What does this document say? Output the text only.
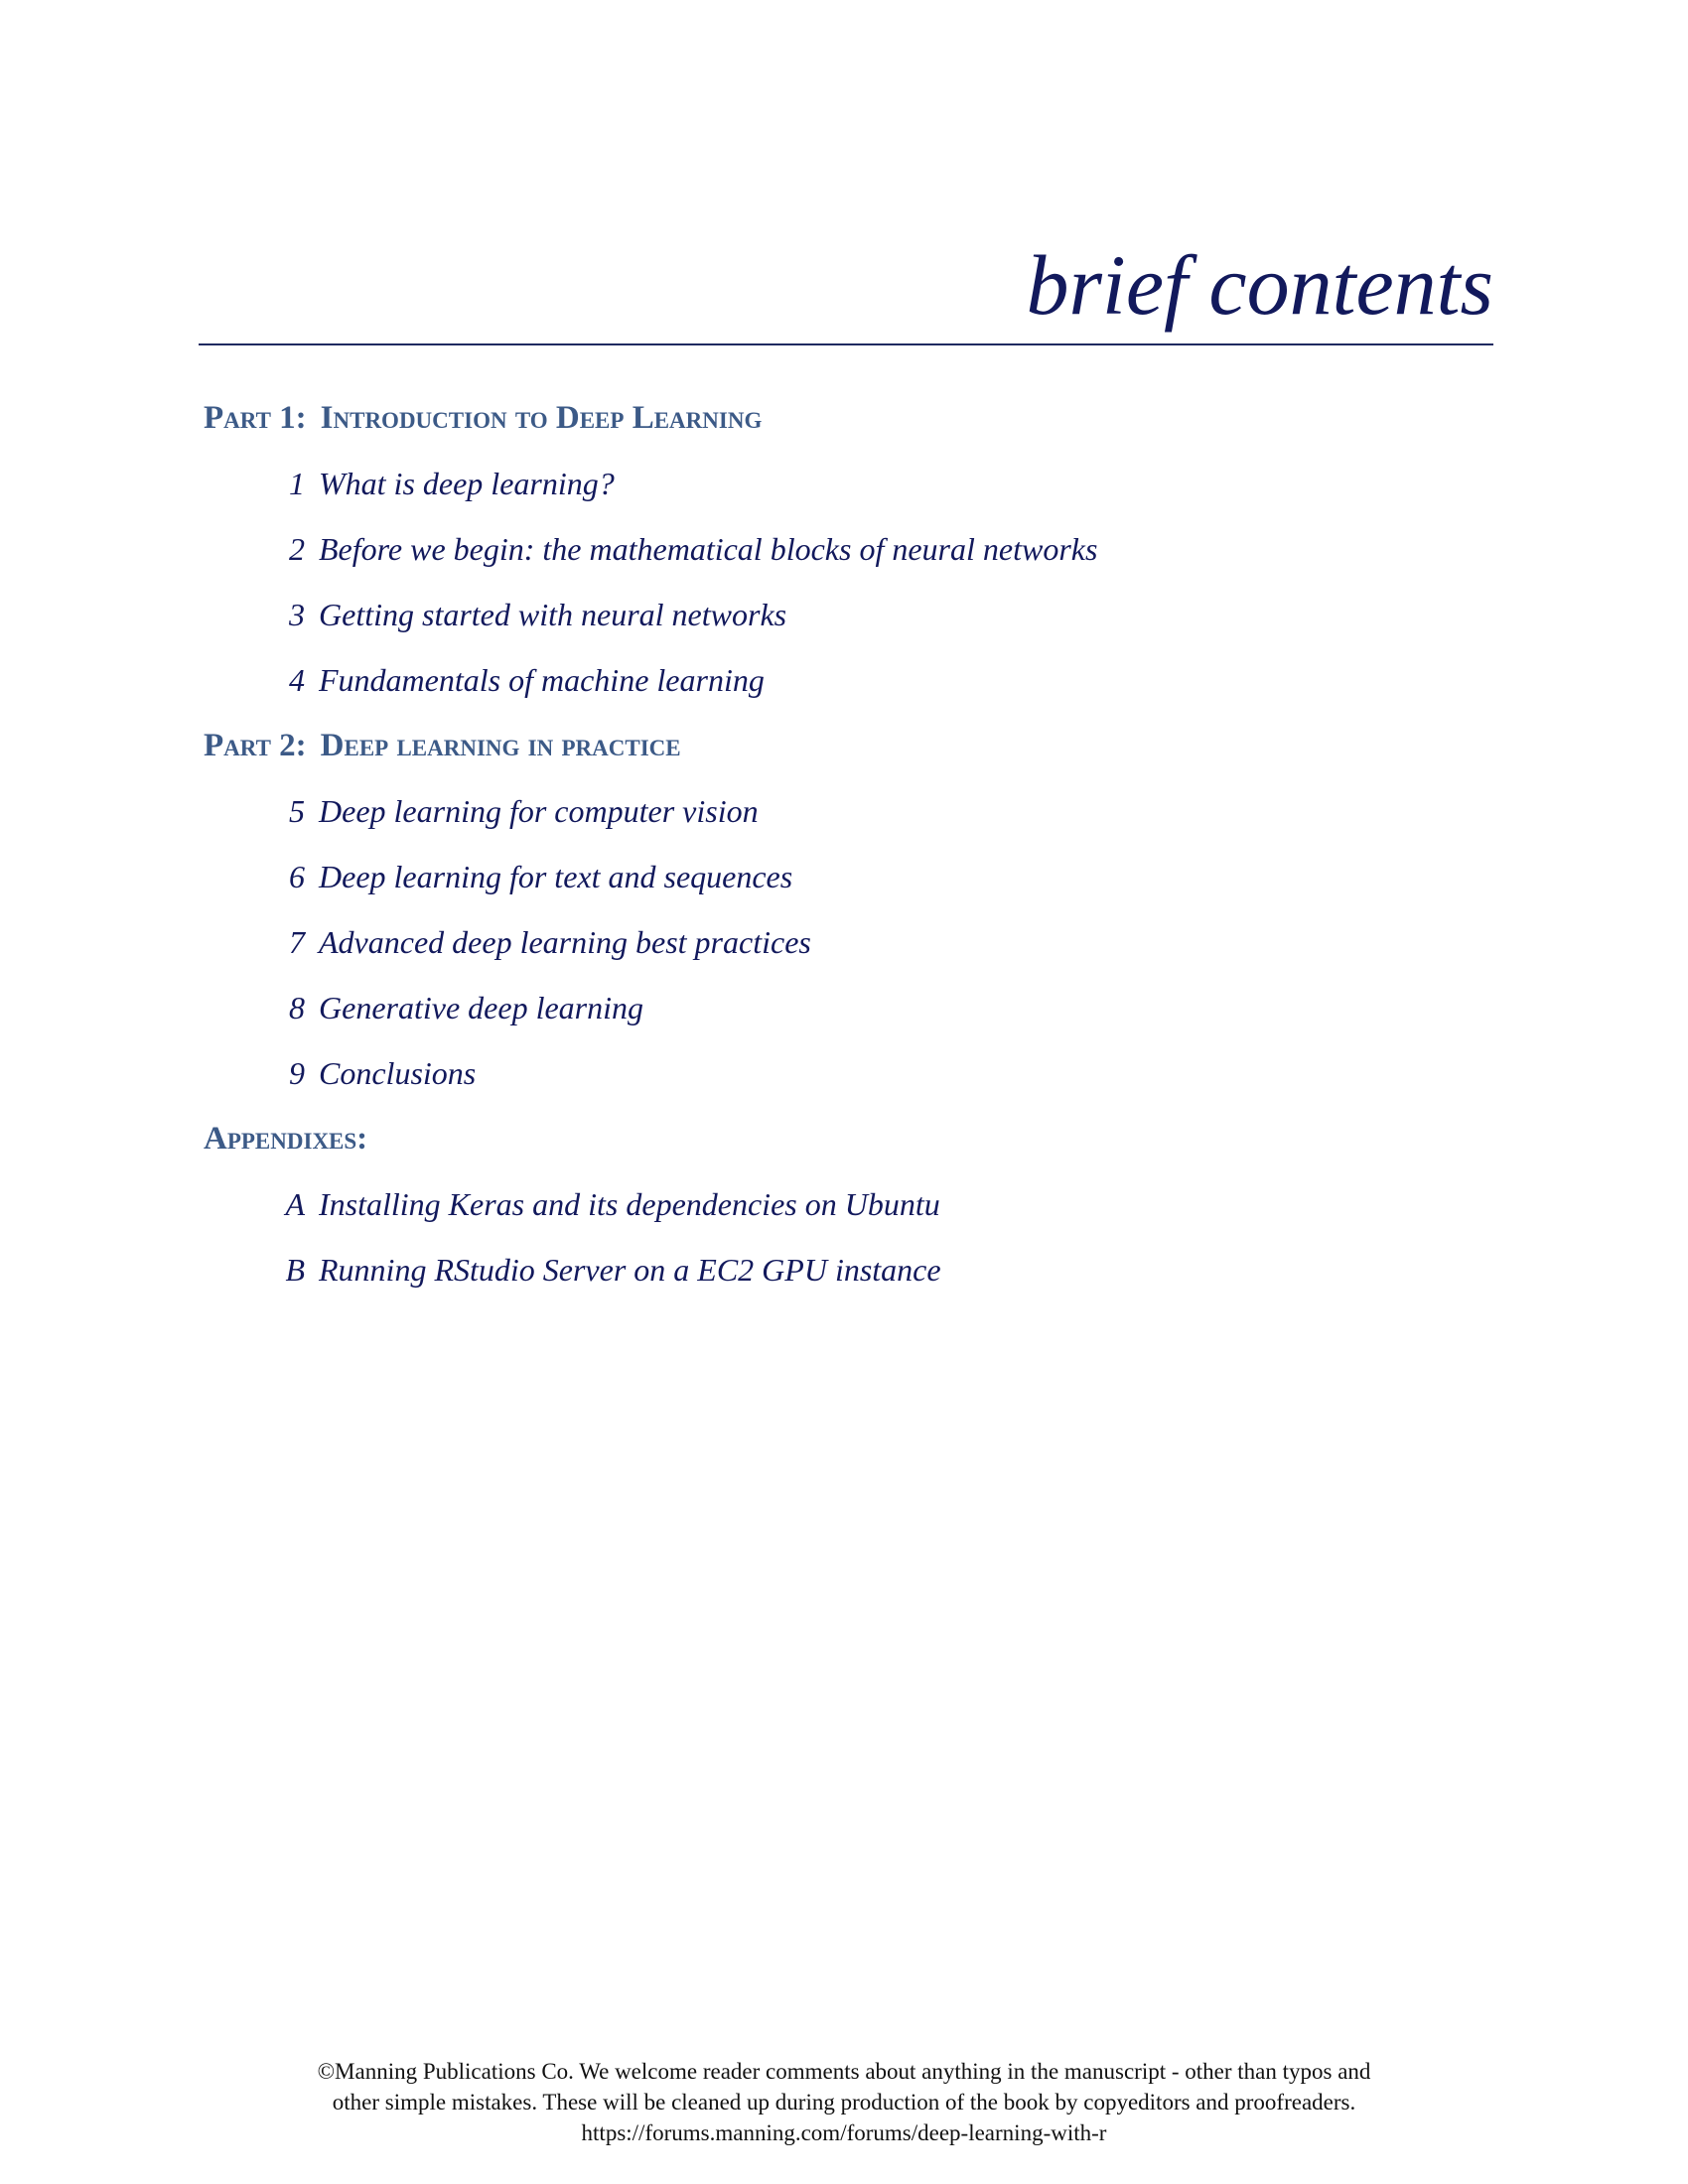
brief contents
Part 1: Introduction to Deep Learning
1 What is deep learning?
2 Before we begin: the mathematical blocks of neural networks
3 Getting started with neural networks
4 Fundamentals of machine learning
Part 2: Deep learning in practice
5 Deep learning for computer vision
6 Deep learning for text and sequences
7 Advanced deep learning best practices
8 Generative deep learning
9 Conclusions
Appendixes:
A Installing Keras and its dependencies on Ubuntu
B Running RStudio Server on a EC2 GPU instance
©Manning Publications Co. We welcome reader comments about anything in the manuscript - other than typos and
other simple mistakes. These will be cleaned up during production of the book by copyeditors and proofreaders.
https://forums.manning.com/forums/deep-learning-with-r
